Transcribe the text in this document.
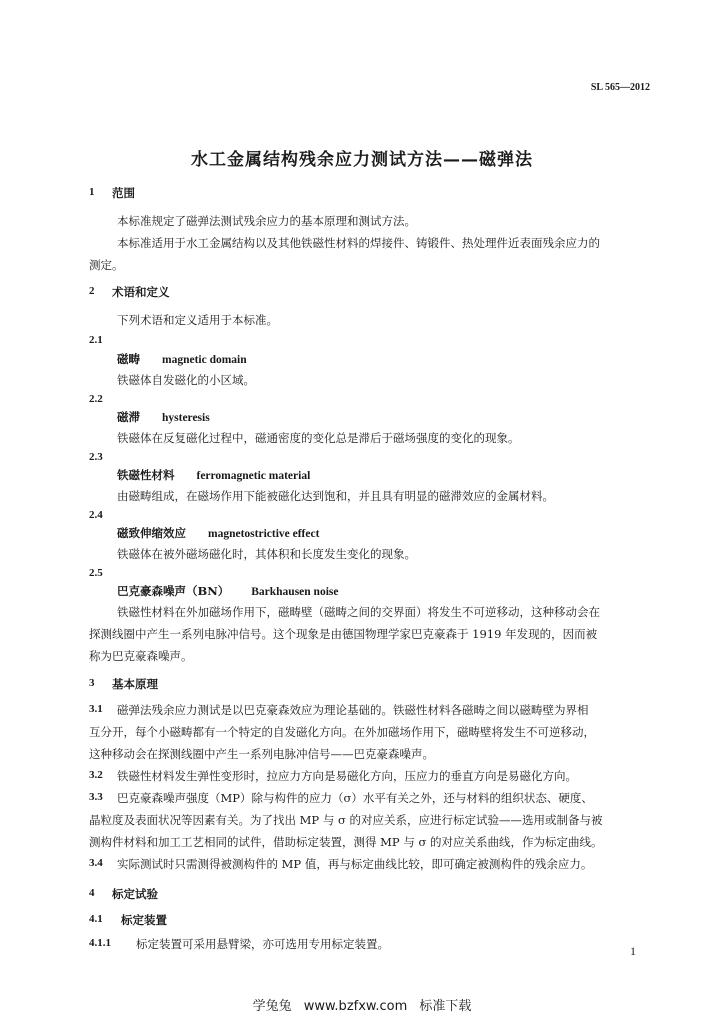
SL 565—2012
水工金属结构残余应力测试方法——磁弹法
1 范围
本标准规定了磁弹法测试残余应力的基本原理和测试方法。
本标准适用于水工金属结构以及其他铁磁性材料的焊接件、铸锻件、热处理件近表面残余应力的
测定。
2 术语和定义
下列术语和定义适用于本标准。
2.1
磁畴 magnetic domain
铁磁体自发磁化的小区域。
2.2
磁滞 hysteresis
铁磁体在反复磁化过程中，磁通密度的变化总是滞后于磁场强度的变化的现象。
2.3
铁磁性材料 ferromagnetic material
由磁畴组成，在磁场作用下能被磁化达到饱和，并且具有明显的磁滞效应的金属材料。
2.4
磁致伸缩效应 magnetostrictive effect
铁磁体在被外磁场磁化时，其体积和长度发生变化的现象。
2.5
巴克豪森噪声（BN） Barkhausen noise
铁磁性材料在外加磁场作用下，磁畴壁（磁畴之间的交界面）将发生不可逆移动，这种移动会在
探测线圈中产生一系列电脉冲信号。这个现象是由德国物理学家巴克豪森于 1919 年发现的，因而被
称为巴克豪森噪声。
3 基本原理
3.1 磁弹法残余应力测试是以巴克豪森效应为理论基础的。铁磁性材料各磁畴之间以磁畴壁为界相
互分开，每个小磁畴都有一个特定的自发磁化方向。在外加磁场作用下，磁畴壁将发生不可逆移动，
这种移动会在探测线圈中产生一系列电脉冲信号——巴克豪森噪声。
3.2 铁磁性材料发生弹性变形时，拉应力方向是易磁化方向，压应力的垂直方向是易磁化方向。
3.3 巴克豪森噪声强度（MP）除与构件的应力（σ）水平有关之外，还与材料的组织状态、硬度、
晶粒度及表面状况等因素有关。为了找出 MP 与 σ 的对应关系，应进行标定试验——选用或制备与被
测构件材料和加工工艺相同的试件，借助标定装置，测得 MP 与 σ 的对应关系曲线，作为标定曲线。
3.4 实际测试时只需测得被测构件的 MP 值，再与标定曲线比较，即可确定被测构件的残余应力。
4 标定试验
4.1 标定装置
4.1.1 标定装置可采用悬臂梁，亦可选用专用标定装置。	1
学兔兔 www.bzfxw.com 标准下载
